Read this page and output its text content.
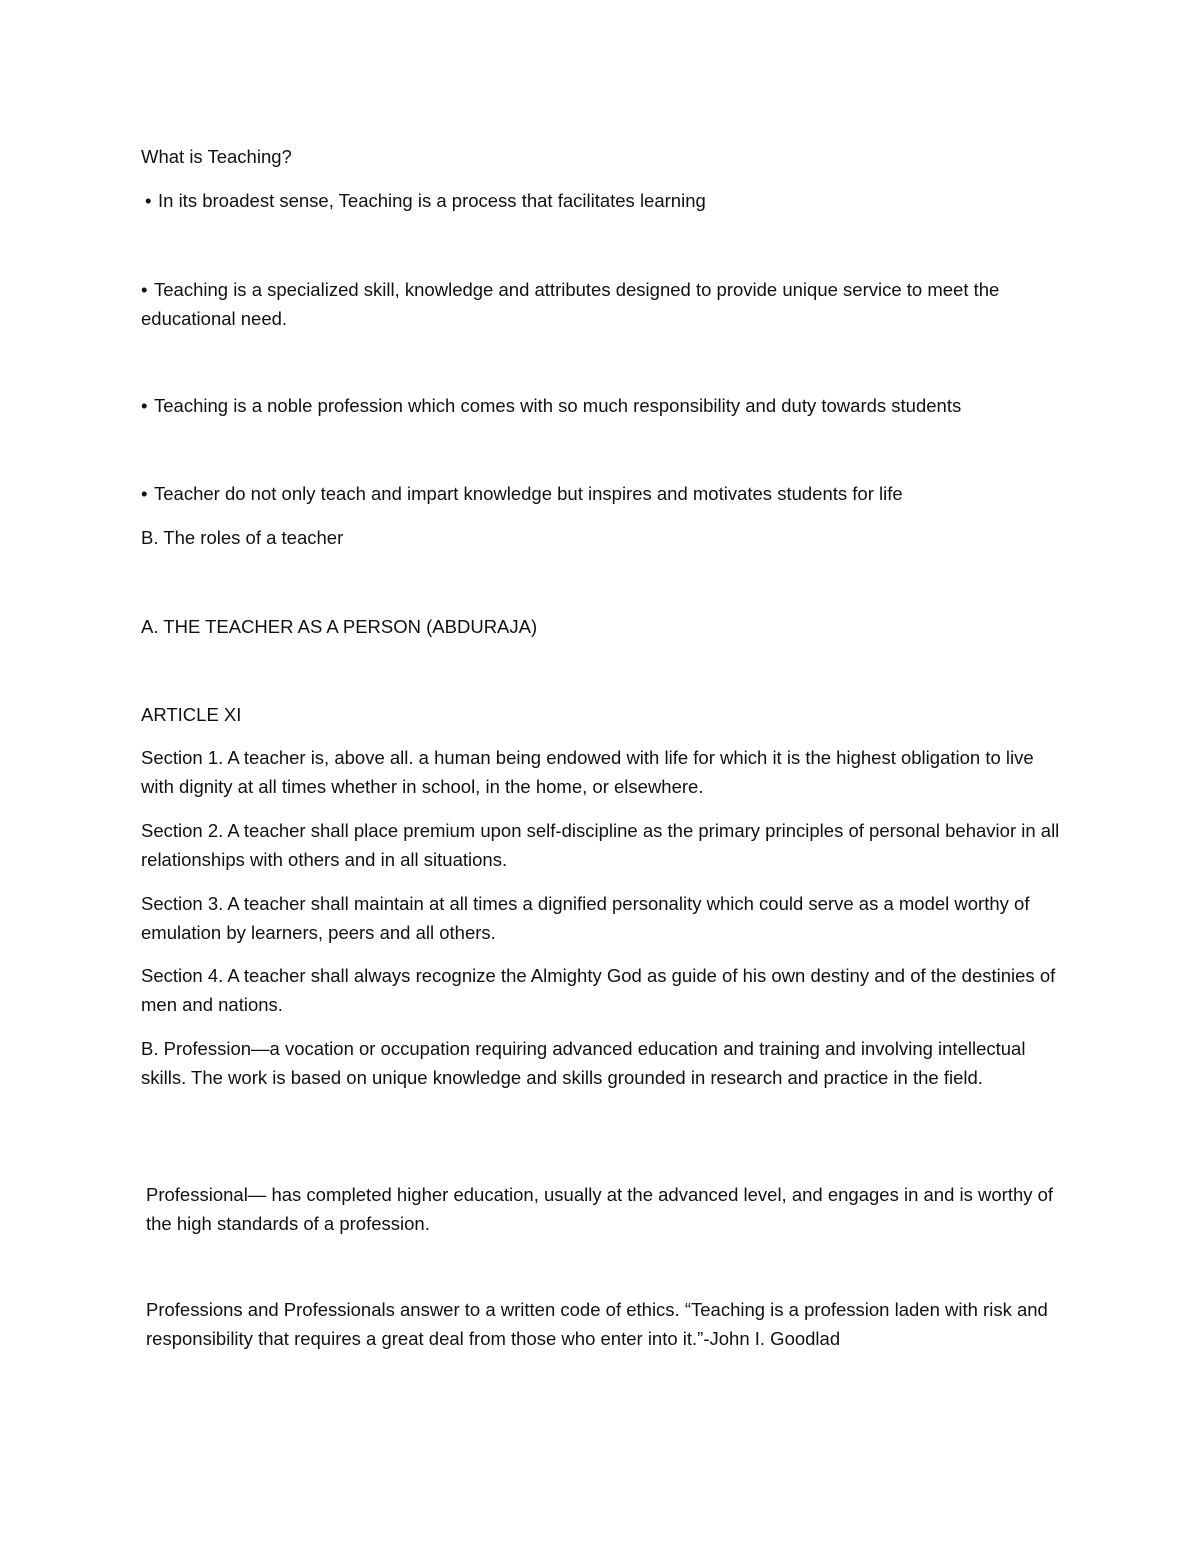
What is Teaching?

• In its broadest sense, Teaching is a process that facilitates learning

• Teaching is a specialized skill, knowledge and attributes designed to provide unique service to meet the educational need.

• Teaching is a noble profession which comes with so much responsibility and duty towards students

• Teacher do not only teach and impart knowledge but inspires and motivates students for life

B. The roles of a teacher

A. THE TEACHER AS A PERSON (ABDURAJA)

ARTICLE XI

Section 1. A teacher is, above all. a human being endowed with life for which it is the highest obligation to live with dignity at all times whether in school, in the home, or elsewhere.

Section 2. A teacher shall place premium upon self-discipline as the primary principles of personal behavior in all relationships with others and in all situations.

Section 3. A teacher shall maintain at all times a dignified personality which could serve as a model worthy of emulation by learners, peers and all others.

Section 4. A teacher shall always recognize the Almighty God as guide of his own destiny and of the destinies of men and nations.

B. Profession—a vocation or occupation requiring advanced education and training and involving intellectual skills. The work is based on unique knowledge and skills grounded in research and practice in the field.

Professional— has completed higher education, usually at the advanced level, and engages in and is worthy of the high standards of a profession.

Professions and Professionals answer to a written code of ethics. “Teaching is a profession laden with risk and responsibility that requires a great deal from those who enter into it.”-John I. Goodlad
